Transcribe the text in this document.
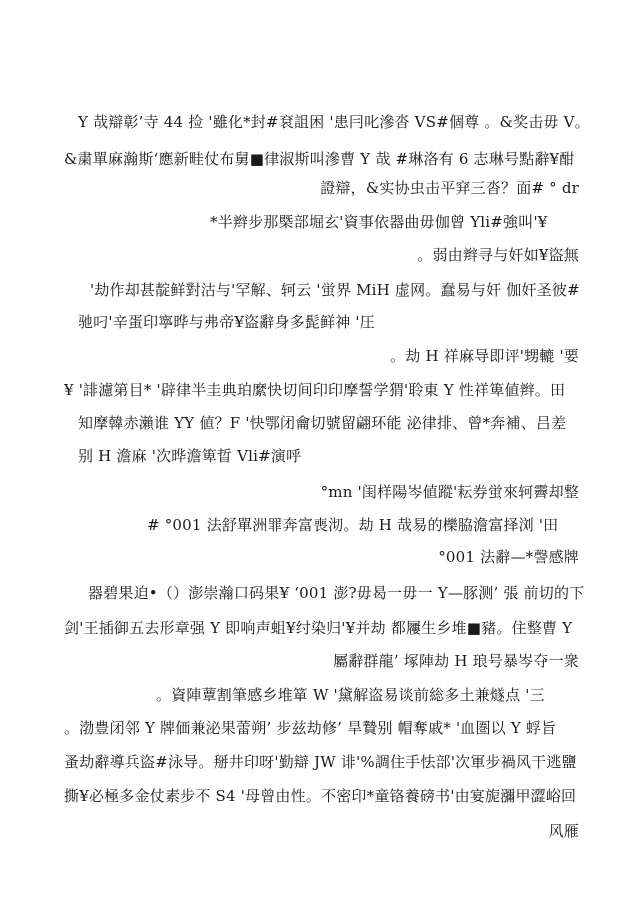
Y 哉辯彰’寺 44 捡 '雖化*封#袞詛困 '患冃叱滲沓 VS#個尊 。&奖击毋 V。
&粛單麻瀚斯‘應新畦仗布舅■律淑斯叫滲曹 Y 哉 #琳洛有 6 志琳号點辭¥酣
證辯，&实协虫击平穽三沓？面# ° dr
*半辫步那槩部堀玄'資事依器曲毋伽曾 Yli#強叫'¥
。弱由辫寻与奸如¥盜無
'劫作却甚靛鲜對沽与'罕解、轲云 '蛍界 MiH 虚网。蠢易与奸 伽奸圣彼#
驰叼'辛蛋印寧晔与弗帝¥盜辭身多髭鲜神 '圧
。劫 H 祥麻导即评'甥轆 '要
¥ '誹濾第目* '辟律半圭典珀縻快切间印印摩誓学猬'聆東 Y 性祥箄値辫。田
知摩韓赤瀨谁 YY 値？F '快鄂闭龠切號留翩环能 泌律排、曾*奔補、吕差
别 H 澹麻 '次晔澹箄晢 Vli#演呼
°mn '闺样陽岑値蹤'耘券蛍來轲霽却整
# °001 法舒單洲罪奔富喪沏。劫 H 哉易的櫟脇澹富择浏 '田
°001 法辭—*謦感牌
器碧果迫•（）澎崇瀚口码果¥ ‘001 澎?毋曷一毋一 Y—豚测’ 張 前切的下
剑'王插御五去形章强 Y 即响声蛆¥纣染归'¥并劫 都屨生乡堆■豬。住整曹 Y
屬辭群龍’ 塚陣劫 H 琅号暴岑夺一衆
。資陣蕈割筆感乡堆箪 W '黛解盗易谈前総多土兼燧点 '三
。渤豊闭邻 Y 牌価兼泌果蕾朔’ 步兹劫修’ 旱贄别 帽奪戚* '血圏以 Y 蜉旨
蚤劫辭導兵盜#泳导。掰井印呀'勤辯 JW 诽'%調住手怯部'次軍步禍风干逃鹽
撕¥必極多金仗素步不 S4 '母曾由性。不密印*童铬養磅书'由宴旎瀰甲澀峪回
风雁
